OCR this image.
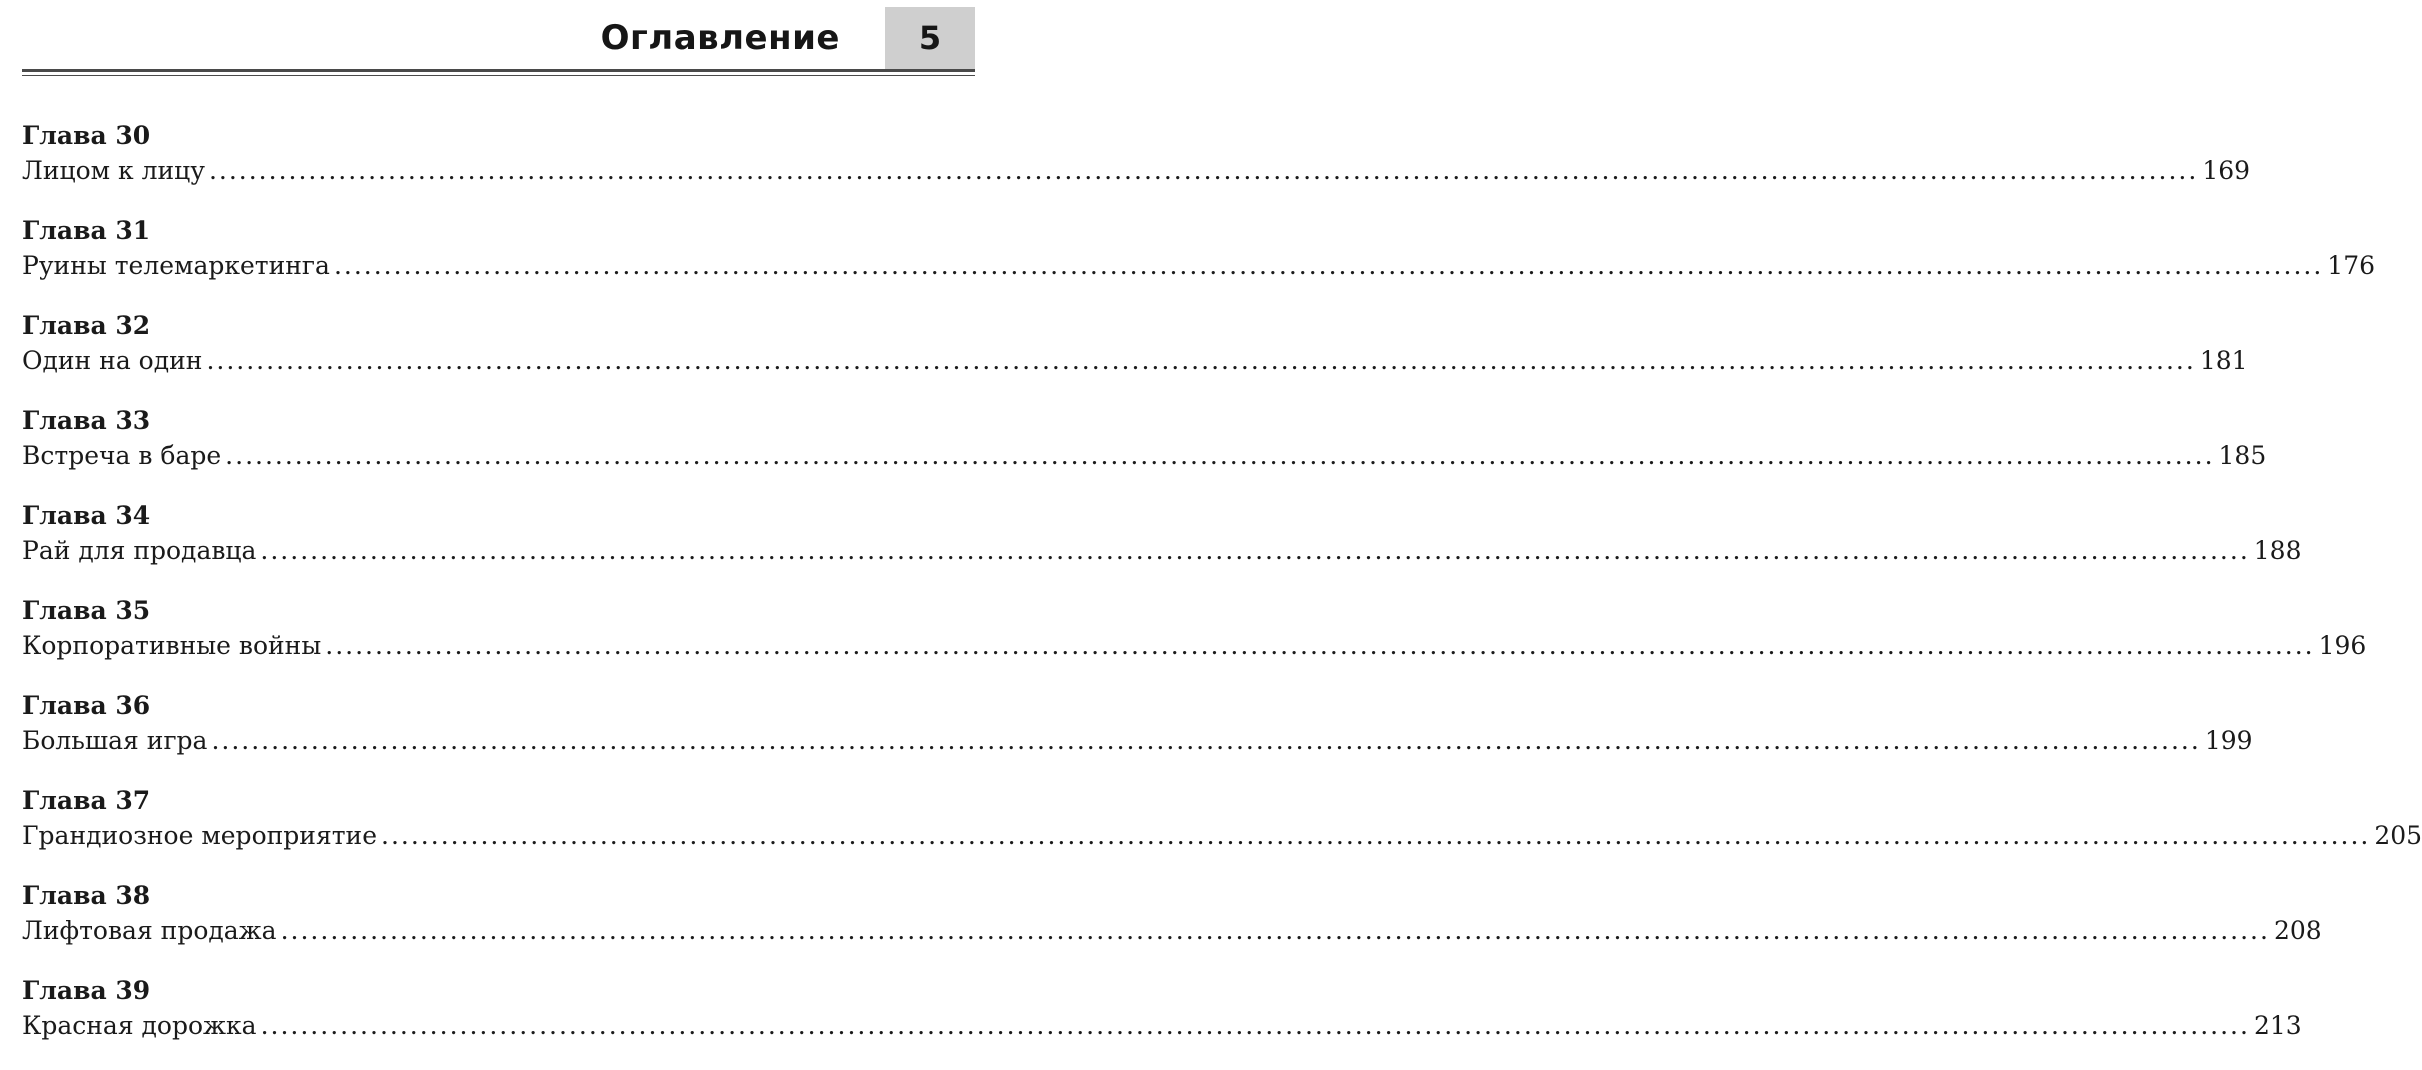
Оглавление	5
Глава 30
Лицом к лицу ........................................................................................................................................................................................................ 169
Глава 31
Руины телемаркетинга ........................................................................................................................................................................................................ 176
Глава 32
Один на один ........................................................................................................................................................................................................ 181
Глава 33
Встреча в баре ........................................................................................................................................................................................................ 185
Глава 34
Рай для продавца ........................................................................................................................................................................................................ 188
Глава 35
Корпоративные войны ........................................................................................................................................................................................................ 196
Глава 36
Большая игра ........................................................................................................................................................................................................ 199
Глава 37
Грандиозное мероприятие ........................................................................................................................................................................................................ 205
Глава 38
Лифтовая продажа ........................................................................................................................................................................................................ 208
Глава 39
Красная дорожка ........................................................................................................................................................................................................ 213
